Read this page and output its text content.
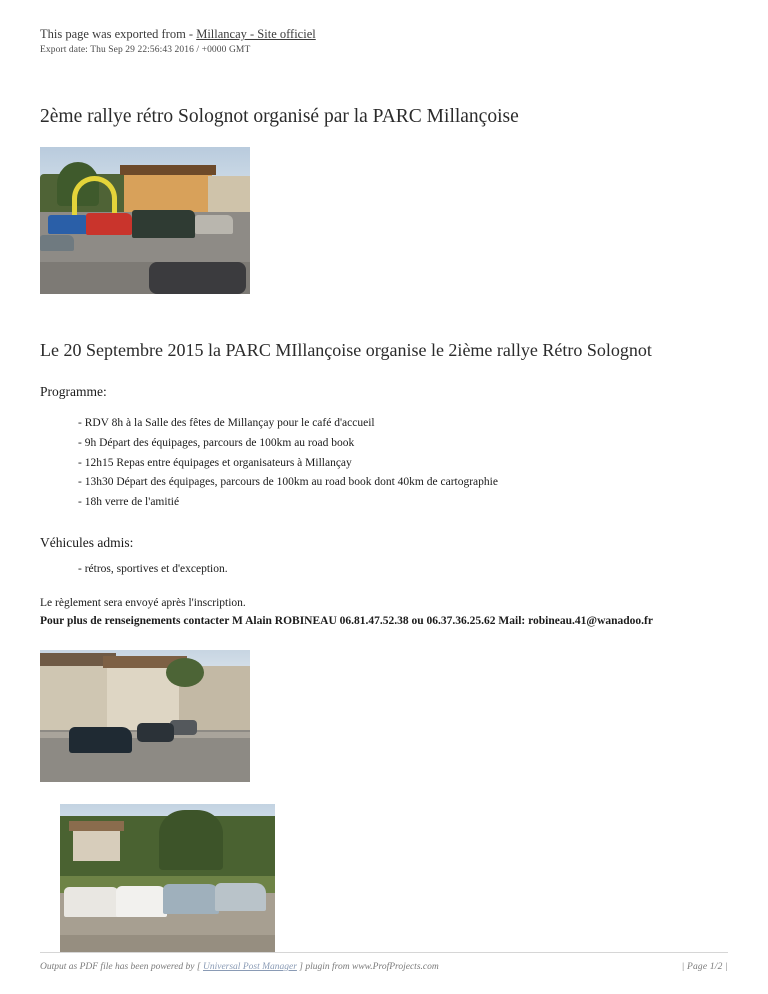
This page was exported from - Millancay - Site officiel
Export date: Thu Sep 29 22:56:43 2016 / +0000 GMT
2ème rallye rétro Solognot organisé par la PARC Millançoise
Le 20 Septembre 2015 la PARC MIllançoise organise le 2ième rallye Rétro Solognot

Programme:

- RDV 8h à la Salle des fêtes de Millançay pour le café d'accueil
- 9h Départ des équipages, parcours de 100km au road book
- 12h15 Repas entre équipages et organisateurs à Millançay
- 13h30 Départ des équipages, parcours de 100km au road book dont 40km de cartographie
- 18h verre de l'amitié

Véhicules admis:

- rétros, sportives et d'exception.

Le règlement sera envoyé après l'inscription.
Pour plus de renseignements contacter M Alain ROBINEAU 06.81.47.52.38 ou 06.37.36.25.62 Mail: robineau.41@wanadoo.fr
Output as PDF file has been powered by [ Universal Post Manager ] plugin from www.ProfProjects.com	| Page 1/2 |
